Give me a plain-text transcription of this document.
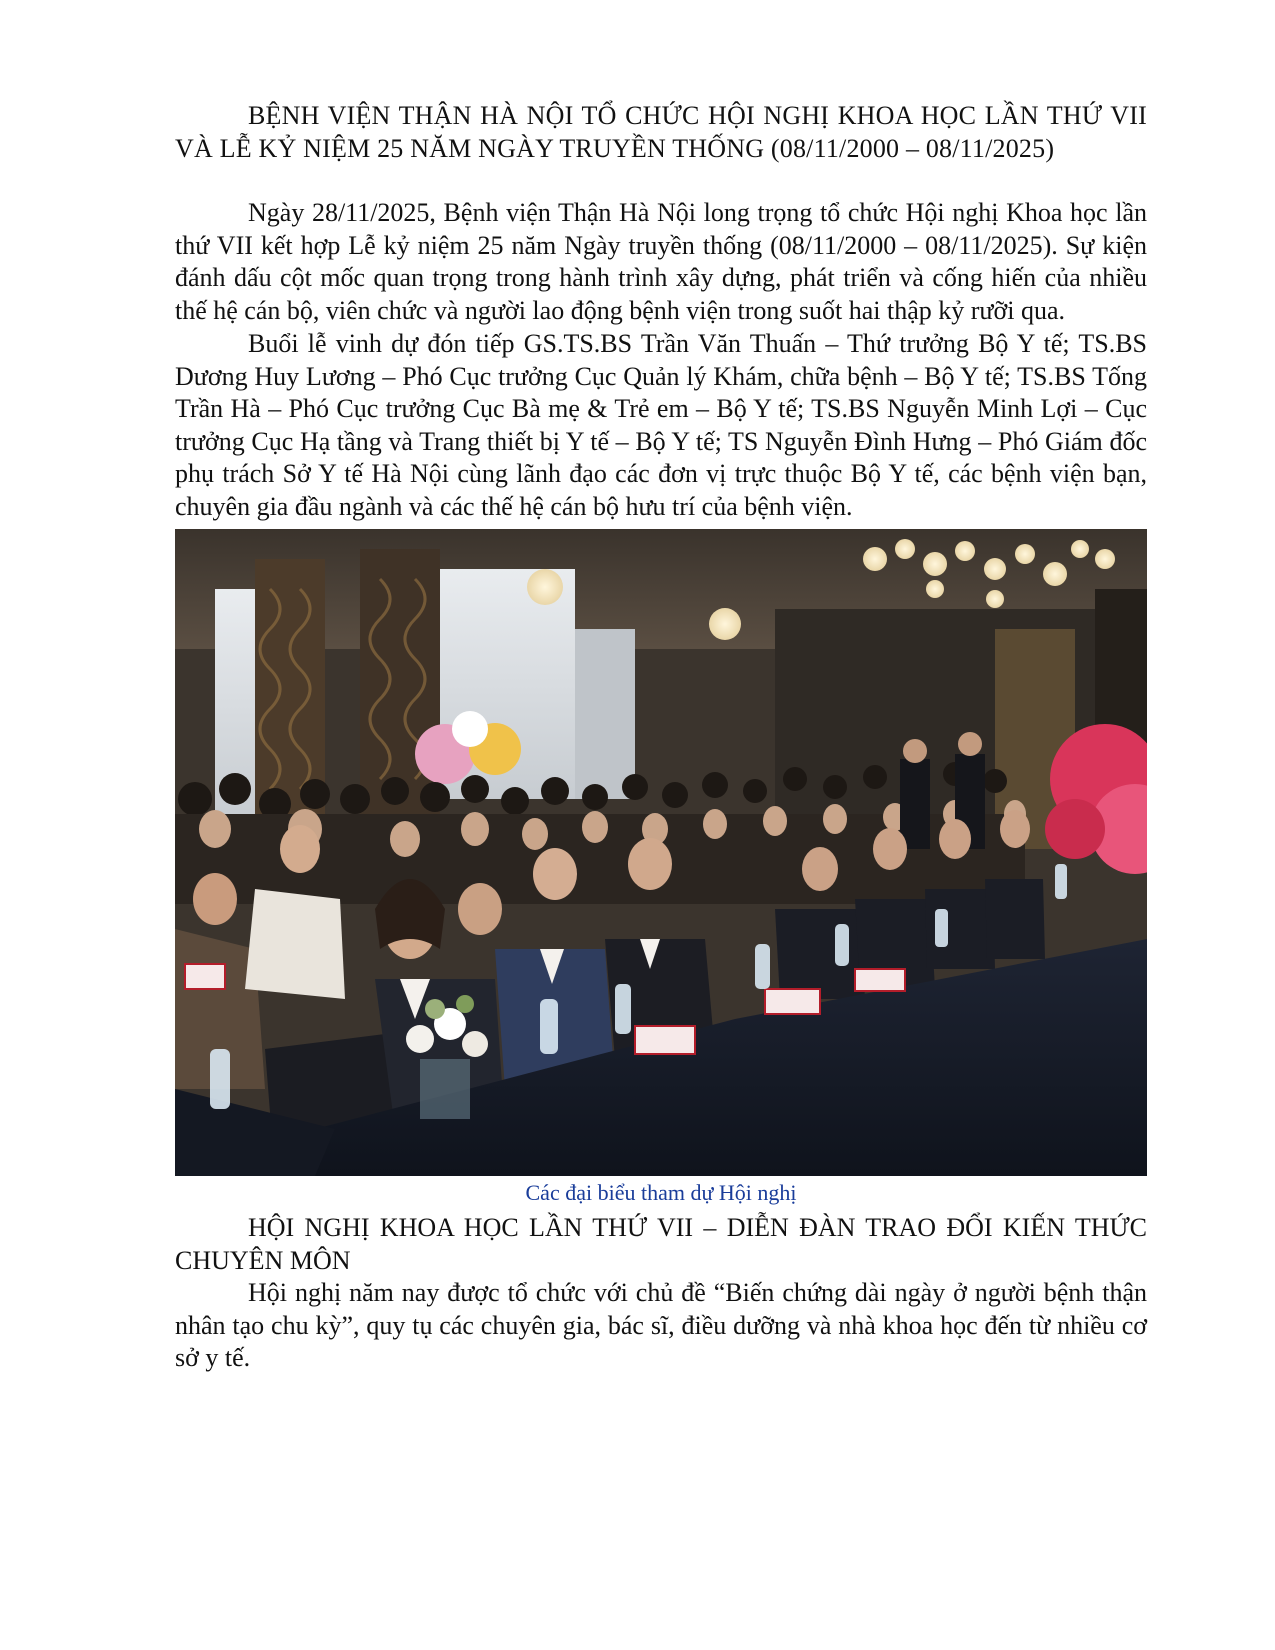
BỆNH VIỆN THẬN HÀ NỘI TỔ CHỨC HỘI NGHỊ KHOA HỌC LẦN THỨ VII VÀ LỄ KỶ NIỆM 25 NĂM NGÀY TRUYỀN THỐNG (08/11/2000 – 08/11/2025)

Ngày 28/11/2025, Bệnh viện Thận Hà Nội long trọng tổ chức Hội nghị Khoa học lần thứ VII kết hợp Lễ kỷ niệm 25 năm Ngày truyền thống (08/11/2000 – 08/11/2025). Sự kiện đánh dấu cột mốc quan trọng trong hành trình xây dựng, phát triển và cống hiến của nhiều thế hệ cán bộ, viên chức và người lao động bệnh viện trong suốt hai thập kỷ rưỡi qua.

Buổi lễ vinh dự đón tiếp GS.TS.BS Trần Văn Thuấn – Thứ trưởng Bộ Y tế; TS.BS Dương Huy Lương – Phó Cục trưởng Cục Quản lý Khám, chữa bệnh – Bộ Y tế; TS.BS Tống Trần Hà – Phó Cục trưởng Cục Bà mẹ & Trẻ em – Bộ Y tế; TS.BS Nguyễn Minh Lợi – Cục trưởng Cục Hạ tầng và Trang thiết bị Y tế – Bộ Y tế; TS Nguyễn Đình Hưng – Phó Giám đốc phụ trách Sở Y tế Hà Nội cùng lãnh đạo các đơn vị trực thuộc Bộ Y tế, các bệnh viện bạn, chuyên gia đầu ngành và các thế hệ cán bộ hưu trí của bệnh viện.

Các đại biểu tham dự Hội nghị

HỘI NGHỊ KHOA HỌC LẦN THỨ VII – DIỄN ĐÀN TRAO ĐỔI KIẾN THỨC CHUYÊN MÔN

Hội nghị năm nay được tổ chức với chủ đề “Biến chứng dài ngày ở người bệnh thận nhân tạo chu kỳ”, quy tụ các chuyên gia, bác sĩ, điều dưỡng và nhà khoa học đến từ nhiều cơ sở y tế.
